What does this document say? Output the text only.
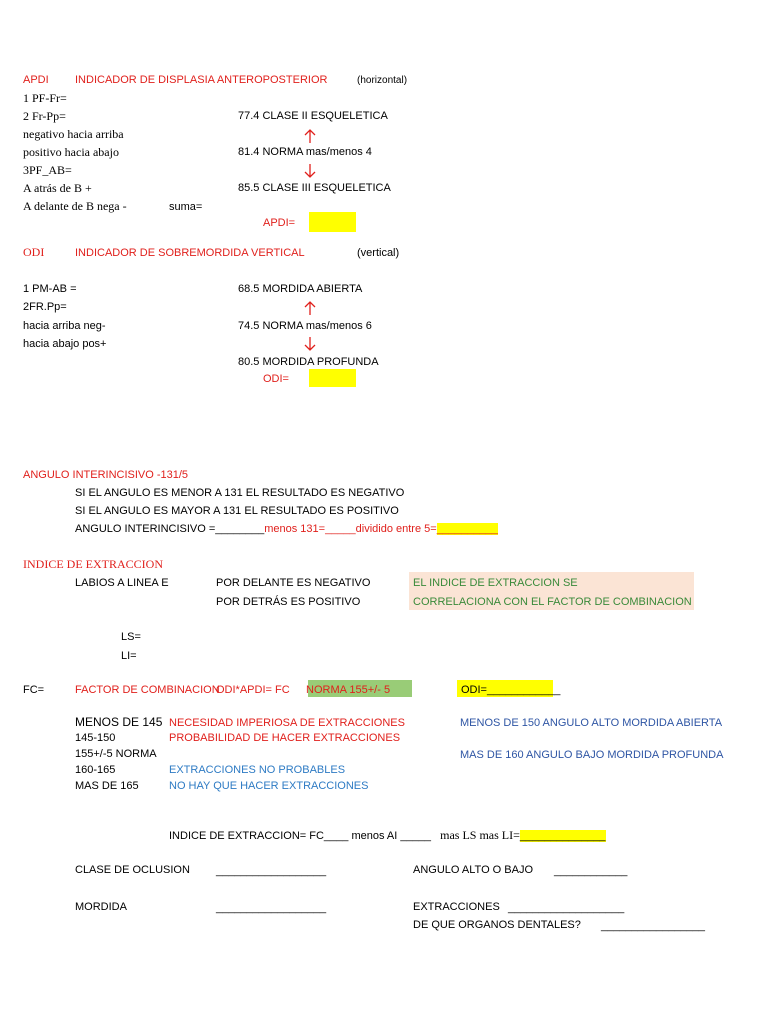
APDI INDICADOR DE DISPLASIA ANTEROPOSTERIOR	(horizontal)
1 PF-Fr=
2 Fr-Pp=
negativo hacia arriba
positivo hacia abajo
3PF_AB=
A atrás de B +
A delante de B nega -	suma=
77.4 CLASE II ESQUELETICA
81.4 NORMA mas/menos 4
85.5 CLASE III ESQUELETICA
APDI=
ODI	INDICADOR DE SOBREMORDIDA VERTICAL	(vertical)
1 PM-AB =
2FR.Pp=
hacia arriba neg-
hacia abajo pos+
68.5 MORDIDA ABIERTA
74.5 NORMA mas/menos 6
80.5 MORDIDA PROFUNDA
ODI=
ANGULO INTERINCISIVO -131/5
SI EL ANGULO ES MENOR A 131 EL RESULTADO ES NEGATIVO
SI EL ANGULO ES MAYOR A 131 EL RESULTADO ES POSITIVO
ANGULO INTERINCISIVO =________menos 131=_____dividido entre 5=__________
INDICE DE EXTRACCION
LABIOS A LINEA E	POR DELANTE ES NEGATIVO
POR DETRÁS ES POSITIVO
EL INDICE DE EXTRACCION SE
CORRELACIONA CON EL FACTOR DE COMBINACION
LS=
LI=
FC=	FACTOR DE COMBINACION
ODI*APDI= FC NORMA 155+/- 5	ODI=____________
MENOS DE 145 NECESIDAD IMPERIOSA DE EXTRACCIONES
145-150	PROBABILIDAD DE HACER EXTRACCIONES
155+/-5 NORMA
160-165	EXTRACCIONES NO PROBABLES
MAS DE 165	NO HAY QUE HACER EXTRACCIONES
MENOS DE 150 ANGULO ALTO MORDIDA ABIERTA
MAS DE 160 ANGULO BAJO MORDIDA PROFUNDA
INDICE DE EXTRACCION= FC____ menos AI _____ mas LS mas LI=______________
CLASE DE OCLUSION __________________	ANGULO ALTO O BAJO ____________
MORDIDA	__________________	EXTRACCIONES ___________________
DE QUE ORGANOS DENTALES? _________________
